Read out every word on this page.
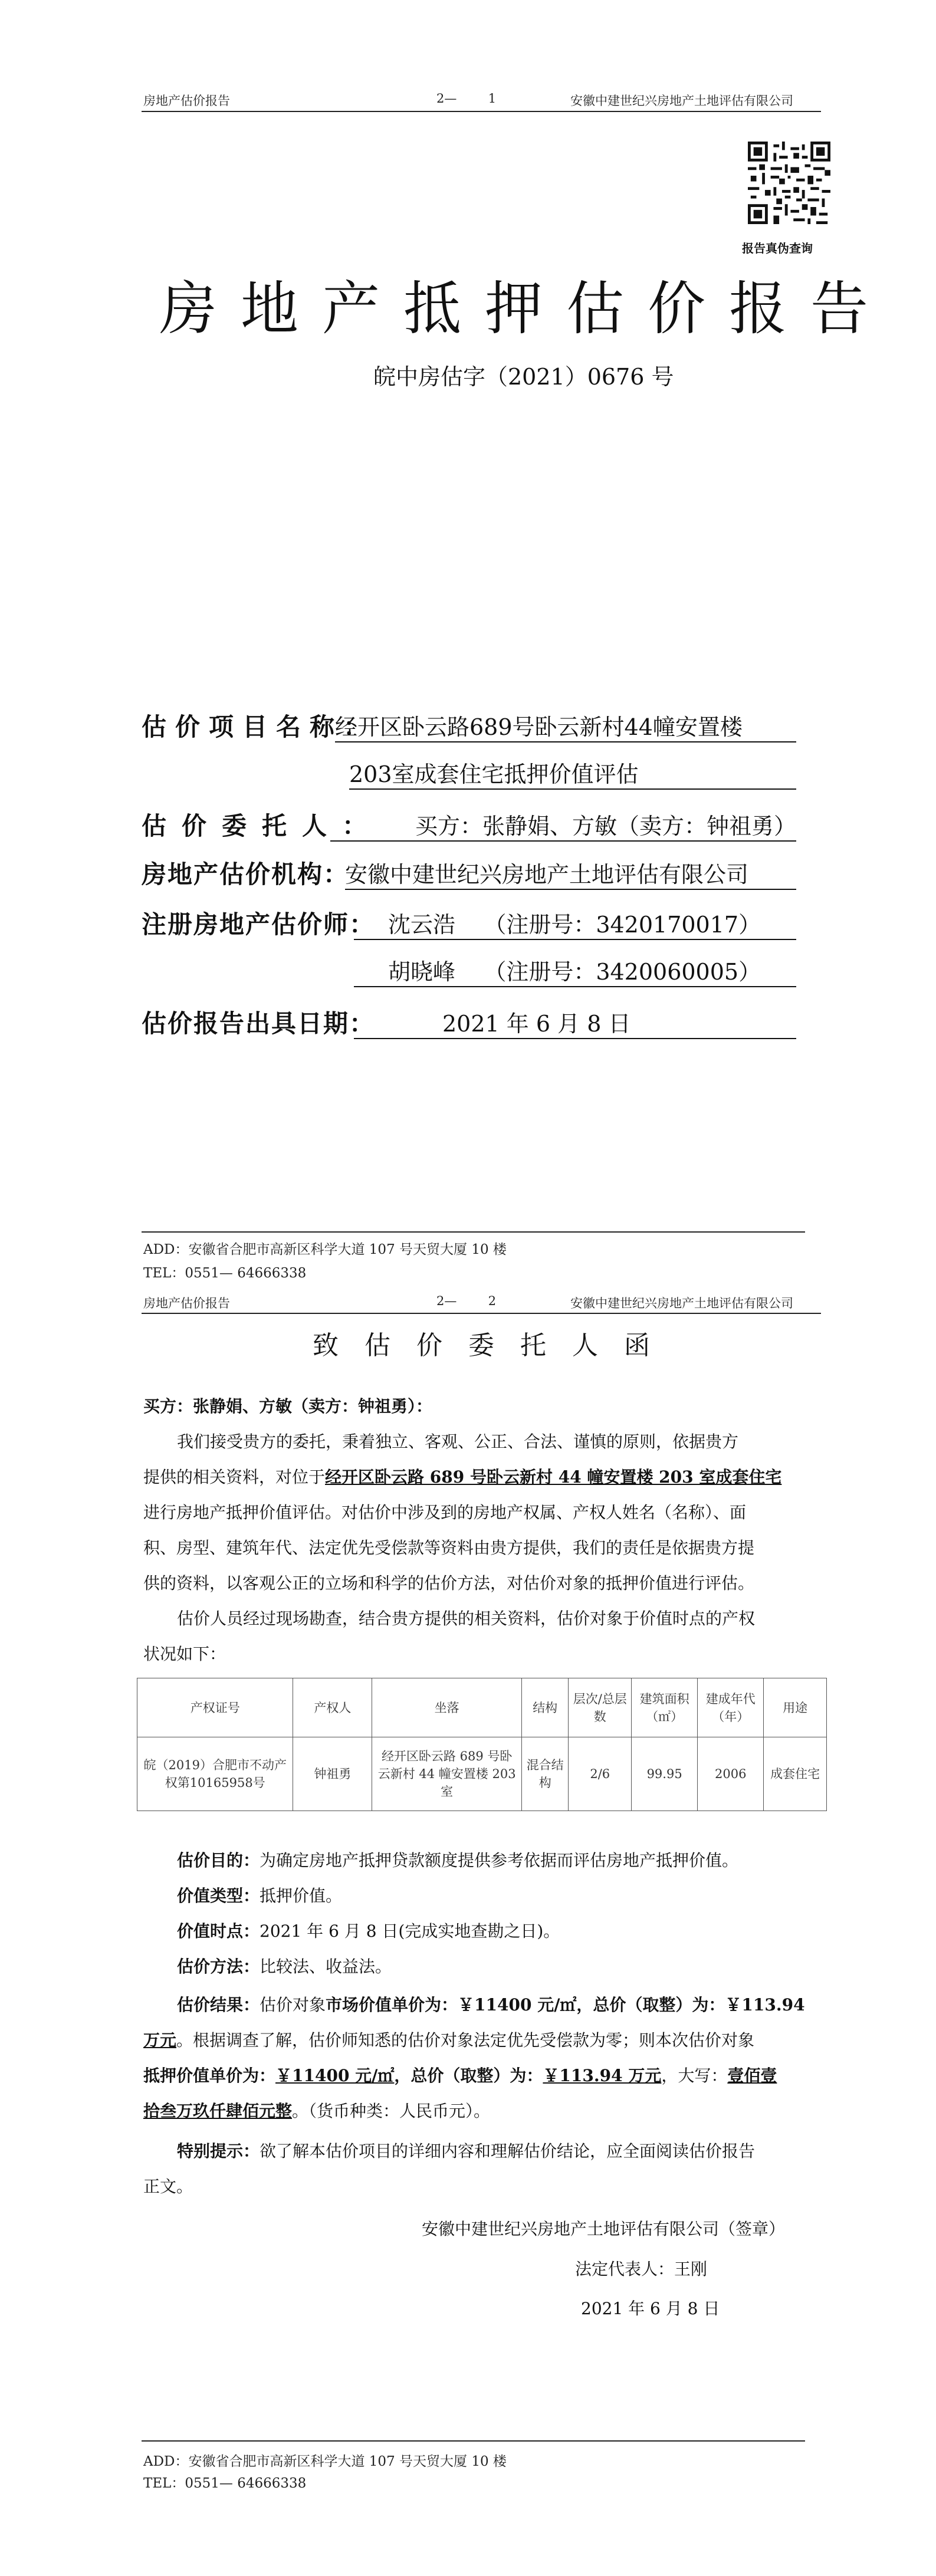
房地产估价报告	2—        1	安徽中建世纪兴房地产土地评估有限公司
报告真伪查询
房地产抵押估价报告
皖中房估字（2021）0676 号
估价项目名称：
经开区卧云路689号卧云新村44幢安置楼
203室成套住宅抵押价值评估
估价委托人：	买方：张静娟、方敏（卖方：钟祖勇）
房地产估价机构：
安徽中建世纪兴房地产土地评估有限公司
注册房地产估价师： 沈云浩    （注册号：3420170017）
胡晓峰    （注册号：3420060005）
估价报告出具日期：	2021 年 6 月 8 日
ADD：安徽省合肥市高新区科学大道 107 号天贸大厦 10 楼
TEL：0551— 64666338
房地产估价报告	2—        2	安徽中建世纪兴房地产土地评估有限公司
致估价委托人函
买方：张静娟、方敏（卖方：钟祖勇）：
我们接受贵方的委托，秉着独立、客观、公正、合法、谨慎的原则，依据贵方
提供的相关资料，对位于经开区卧云路 689 号卧云新村 44 幢安置楼 203 室成套住宅
进行房地产抵押价值评估。对估价中涉及到的房地产权属、产权人姓名（名称）、面
积、房型、建筑年代、法定优先受偿款等资料由贵方提供，我们的责任是依据贵方提
供的资料，以客观公正的立场和科学的估价方法，对估价对象的抵押价值进行评估。
估价人员经过现场勘查，结合贵方提供的相关资料，估价对象于价值时点的产权
状况如下：
产权证号	产权人	坐落	结构	层次/总层数	建筑面积（㎡）	建成年代（年）	用途
皖（2019）合肥市不动产权第10165958号	钟祖勇	经开区卧云路 689 号卧云新村 44 幢安置楼 203 室	混合结构	2/6	99.95	2006	成套住宅
估价目的：为确定房地产抵押贷款额度提供参考依据而评估房地产抵押价值。
价值类型：抵押价值。
价值时点：2021 年 6 月 8 日(完成实地查勘之日)。
估价方法：比较法、收益法。
估价结果：估价对象市场价值单价为：￥11400 元/㎡，总价（取整）为：￥113.94
万元。根据调查了解，估价师知悉的估价对象法定优先受偿款为零；则本次估价对象
抵押价值单价为：￥11400 元/㎡，总价（取整）为：￥113.94 万元，大写：壹佰壹
拾叁万玖仟肆佰元整。（货币种类：人民币元）。
特别提示：欲了解本估价项目的详细内容和理解估价结论，应全面阅读估价报告
正文。
安徽中建世纪兴房地产土地评估有限公司（签章）
法定代表人：王刚
2021 年 6 月 8 日
ADD：安徽省合肥市高新区科学大道 107 号天贸大厦 10 楼
TEL：0551— 64666338
